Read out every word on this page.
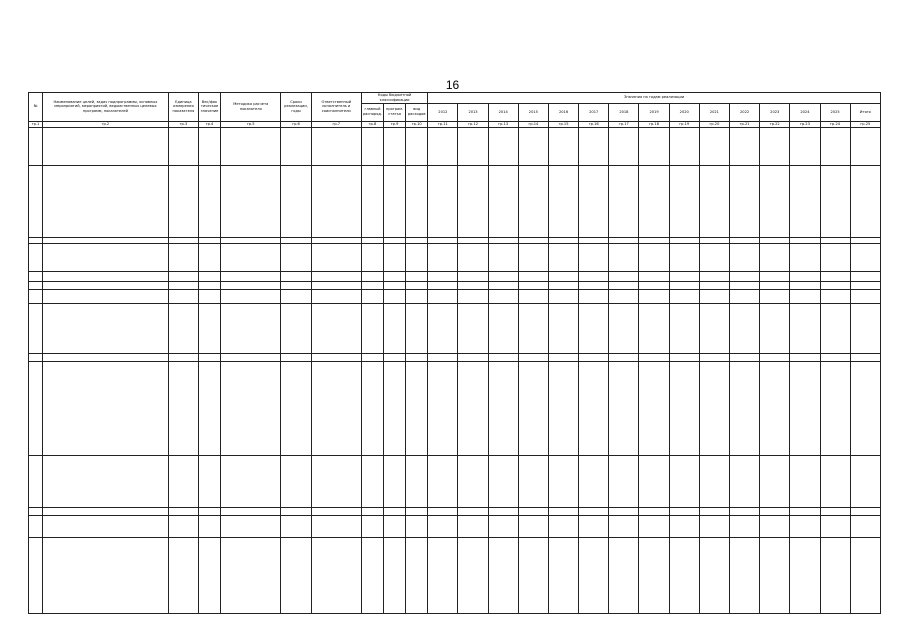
16
№	Наименование целей, задач подпрограммы, основных мероприятий, мероприятий, ведомственных целевых программ, показателей	Единица измерения показателя	Вес/фак тическое значение	Методика расчета показателя	Сроки реализации, годы	Ответственный исполнитель и соисполнители	Коды бюджетной классификации			Значения по годам реализации														
							главный распоряд.	програм. статья	вид расходов	2012	2013	2014	2015	2016	2017	2018	2019	2020	2021	2022	2023	2024	2025	Итого
гр.1	гр.2	гр.3	гр.4	гр.5	гр.6	гр.7	гр.8	гр.9	гр.10	гр.11	гр.12	гр.13	гр.14	гр.15	гр.16	гр.17	гр.18	гр.19	гр.20	гр.21	гр.22	гр.23	гр.24	гр.25
